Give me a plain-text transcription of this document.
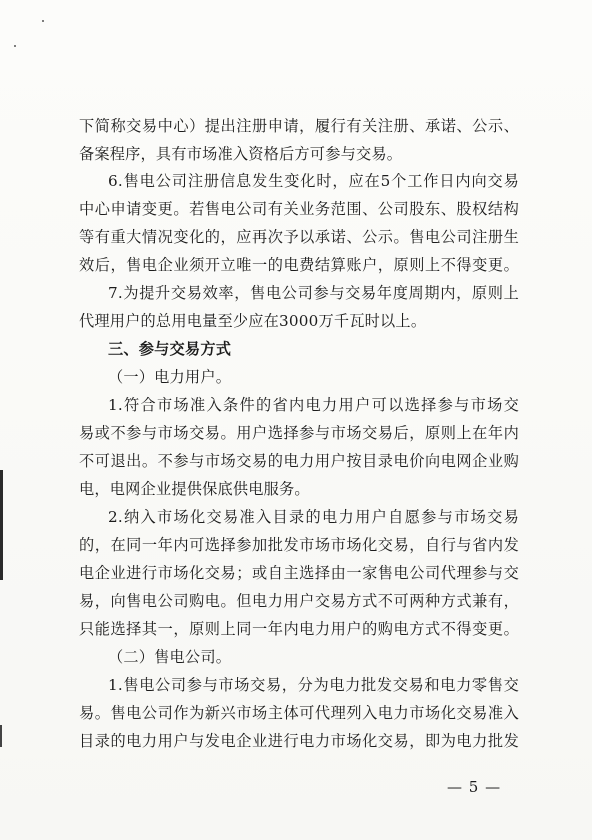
下简称交易中心）提出注册申请，履行有关注册、承诺、公示、
备案程序，具有市场准入资格后方可参与交易。
6.售电公司注册信息发生变化时，应在5个工作日内向交易
中心申请变更。若售电公司有关业务范围、公司股东、股权结构
等有重大情况变化的，应再次予以承诺、公示。售电公司注册生
效后，售电企业须开立唯一的电费结算账户，原则上不得变更。
7.为提升交易效率，售电公司参与交易年度周期内，原则上
代理用户的总用电量至少应在3000万千瓦时以上。
三、参与交易方式
（一）电力用户。
1.符合市场准入条件的省内电力用户可以选择参与市场交
易或不参与市场交易。用户选择参与市场交易后，原则上在年内
不可退出。不参与市场交易的电力用户按目录电价向电网企业购
电，电网企业提供保底供电服务。
2.纳入市场化交易准入目录的电力用户自愿参与市场交易
的，在同一年内可选择参加批发市场市场化交易，自行与省内发
电企业进行市场化交易；或自主选择由一家售电公司代理参与交
易，向售电公司购电。但电力用户交易方式不可两种方式兼有，
只能选择其一，原则上同一年内电力用户的购电方式不得变更。
（二）售电公司。
1.售电公司参与市场交易，分为电力批发交易和电力零售交
易。售电公司作为新兴市场主体可代理列入电力市场化交易准入
目录的电力用户与发电企业进行电力市场化交易，即为电力批发
— 5 —
